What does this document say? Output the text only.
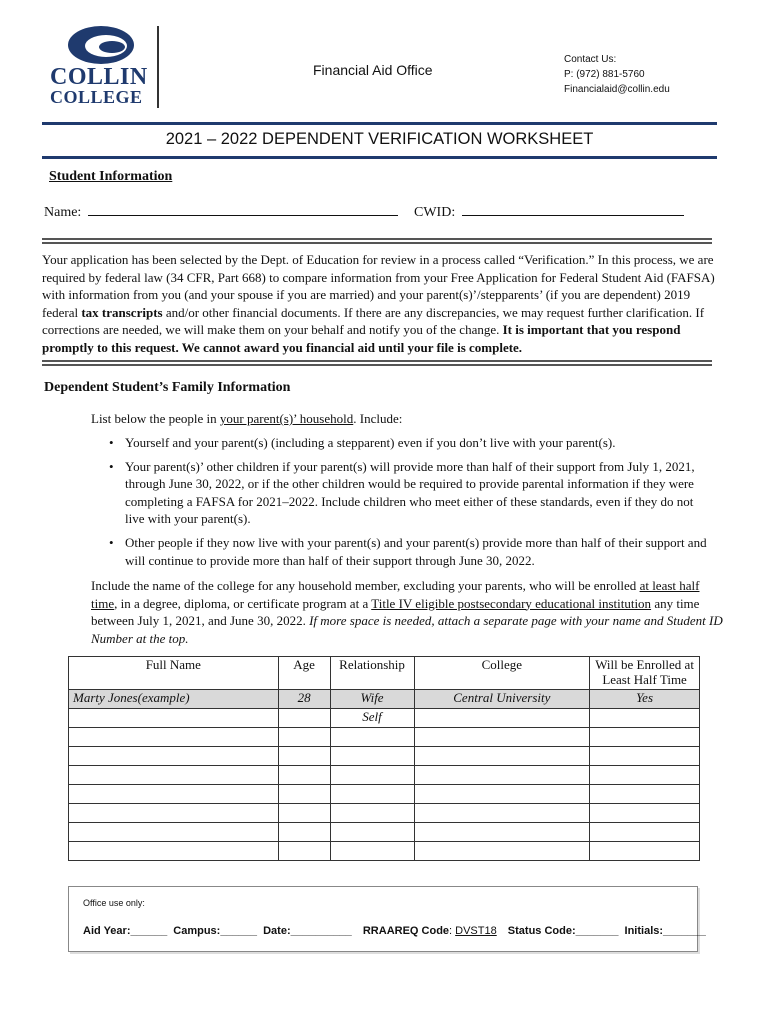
COLLIN
COLLEGE
Financial Aid Office
Contact Us:
P: (972) 881-5760
Financialaid@collin.edu
2021 – 2022 DEPENDENT VERIFICATION WORKSHEET
Student Information
Name:	CWID:
Your application has been selected by the Dept. of Education for review in a process called “Verification.” In this process, we are required by federal law (34 CFR, Part 668) to compare information from your Free Application for Federal Student Aid (FAFSA) with information from you (and your spouse if you are married) and your parent(s)’/stepparents’ (if you are dependent) 2019 federal tax transcripts and/or other financial documents. If there are any discrepancies, we may request further clarification. If corrections are needed, we will make them on your behalf and notify you of the change. It is important that you respond promptly to this request. We cannot award you financial aid until your file is complete.
Dependent Student’s Family Information
List below the people in your parent(s)’ household. Include:
• Yourself and your parent(s) (including a stepparent) even if you don’t live with your parent(s).
• Your parent(s)’ other children if your parent(s) will provide more than half of their support from July 1, 2021, through June 30, 2022, or if the other children would be required to provide parental information if they were completing a FAFSA for 2021–2022. Include children who meet either of these standards, even if they do not live with your parent(s).
• Other people if they now live with your parent(s) and your parent(s) provide more than half of their support and will continue to provide more than half of their support through June 30, 2022.
Include the name of the college for any household member, excluding your parents, who will be enrolled at least half time, in a degree, diploma, or certificate program at a Title IV eligible postsecondary educational institution any time between July 1, 2021, and June 30, 2022. If more space is needed, attach a separate page with your name and Student ID Number at the top.
Full Name	Age	Relationship	College	Will be Enrolled at Least Half Time
Marty Jones(example)	28	Wife	Central University	Yes
		Self		

Office use only:
Aid Year:______ Campus:______ Date:__________ RRAAREQ Code: DVST18 Status Code:_______ Initials:_______
